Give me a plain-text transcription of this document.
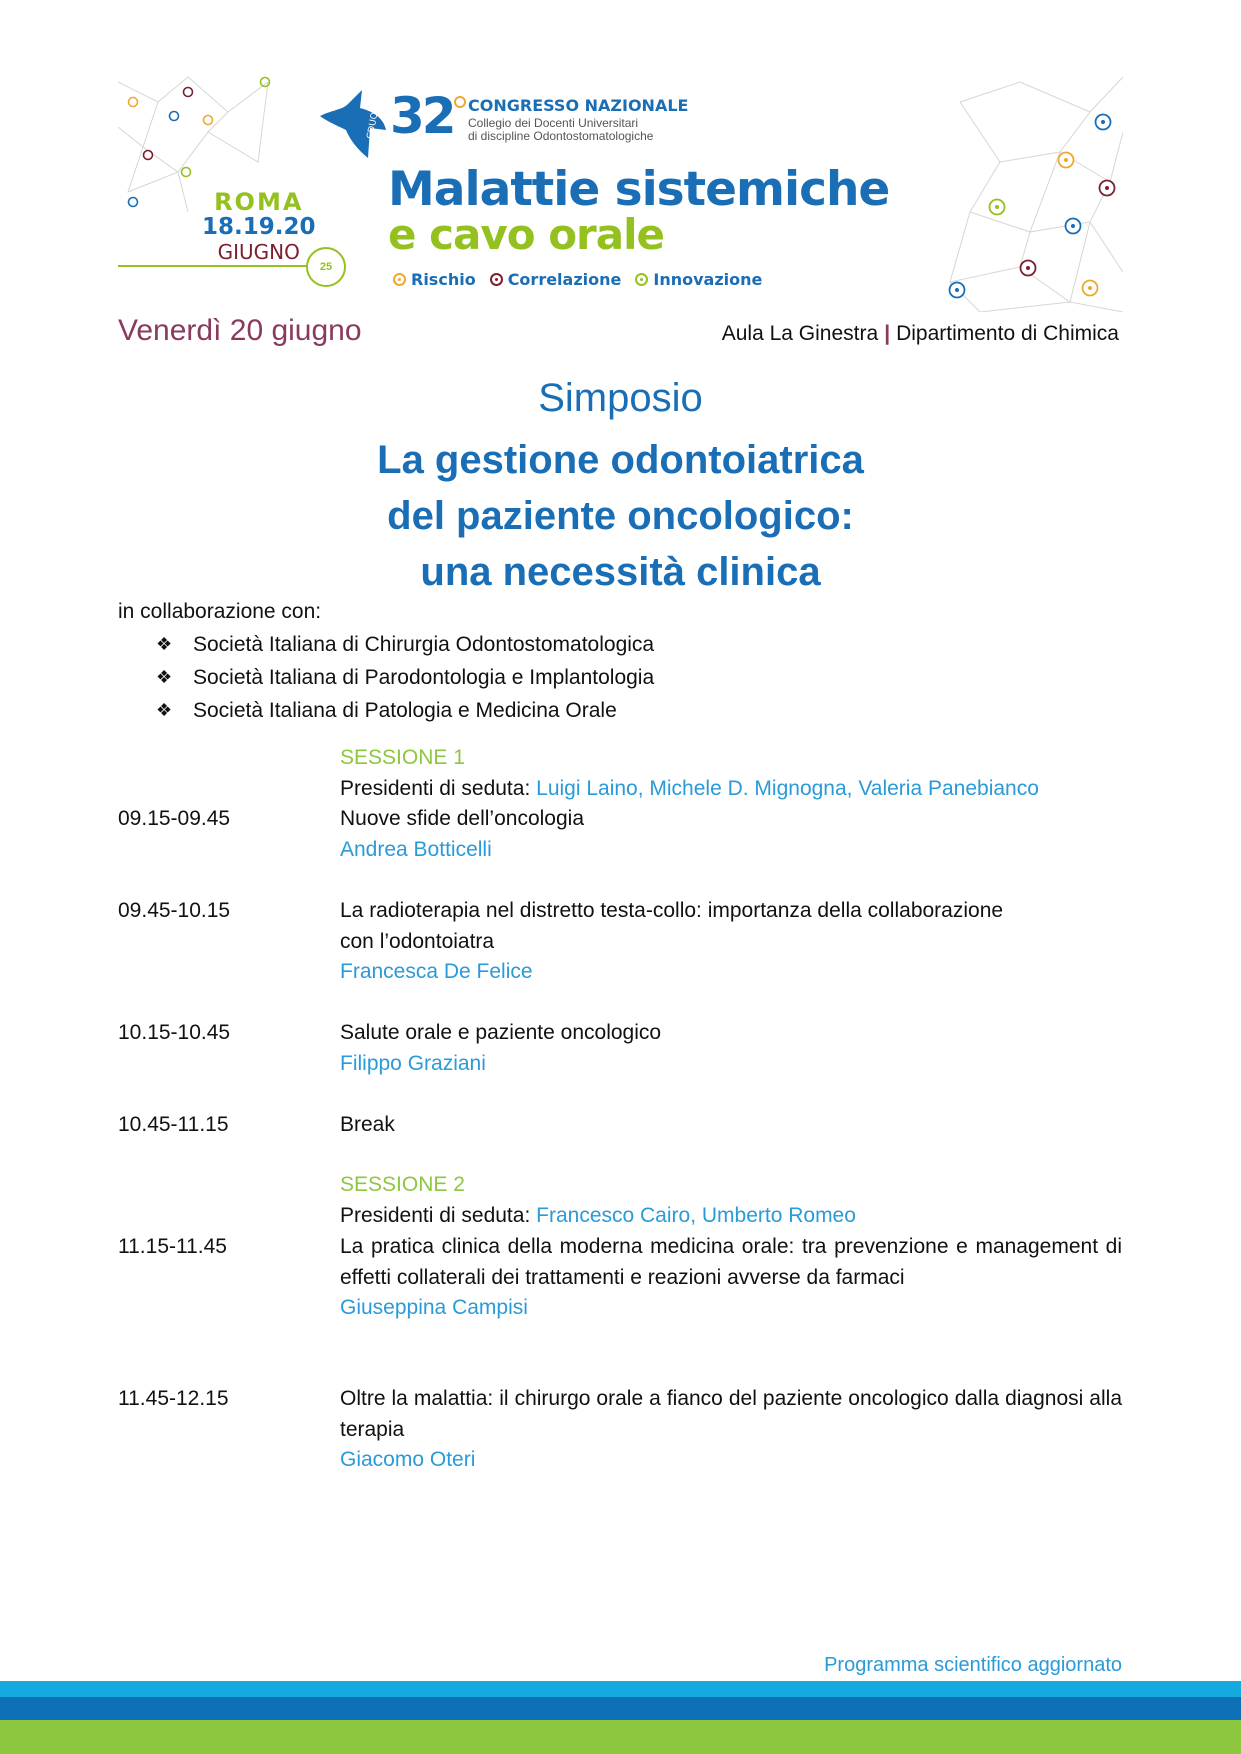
ROMA
18.19.20
GIUGNO
25
CDUO 32 CONGRESSO NAZIONALE
Collegio dei Docenti Universitari
di discipline Odontostomatologiche
Malattie sistemiche
e cavo orale
Rischio Correlazione Innovazione
Venerdì 20 giugno	Aula La Ginestra | Dipartimento di Chimica
Simposio
La gestione odontoiatrica
del paziente oncologico:
una necessità clinica
in collaborazione con:
❖ Società Italiana di Chirurgia Odontostomatologica
❖ Società Italiana di Parodontologia e Implantologia
❖ Società Italiana di Patologia e Medicina Orale
SESSIONE 1
Presidenti di seduta: Luigi Laino, Michele D. Mignogna, Valeria Panebianco
09.15-09.45	Nuove sfide dell’oncologia
Andrea Botticelli
09.45-10.15	La radioterapia nel distretto testa-collo: importanza della collaborazione
con l’odontoiatra
Francesca De Felice
10.15-10.45	Salute orale e paziente oncologico
Filippo Graziani
10.45-11.15	Break
SESSIONE 2
Presidenti di seduta: Francesco Cairo, Umberto Romeo
11.15-11.45	La pratica clinica della moderna medicina orale: tra prevenzione e management di effetti collaterali dei trattamenti e reazioni avverse da farmaci
Giuseppina Campisi
11.45-12.15	Oltre la malattia: il chirurgo orale a fianco del paziente oncologico dalla diagnosi alla terapia
Giacomo Oteri
Programma scientifico aggiornato
